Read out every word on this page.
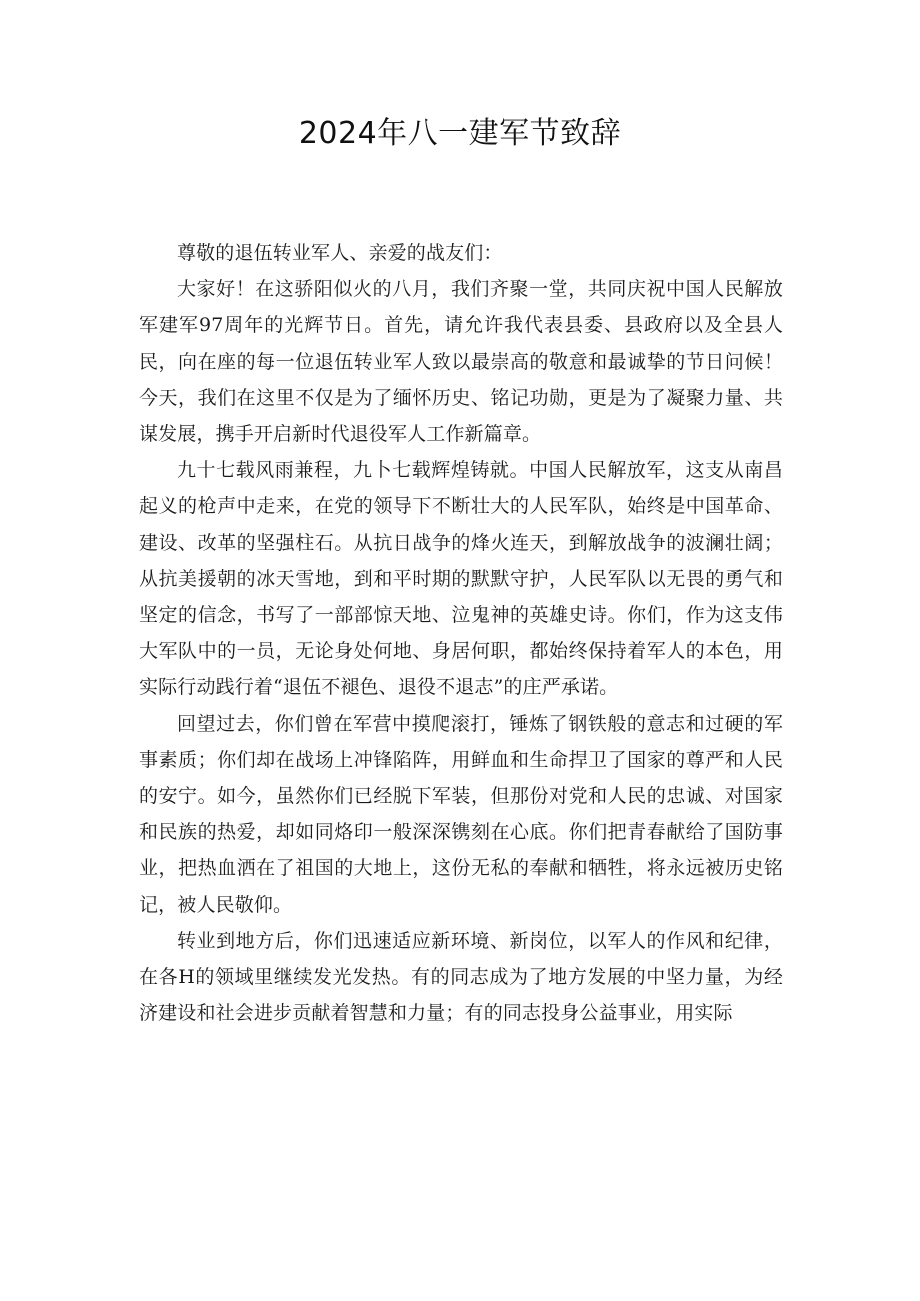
2024年八一建军节致辞

尊敬的退伍转业军人、亲爱的战友们：

大家好！在这骄阳似火的八月，我们齐聚一堂，共同庆祝中国人民解放军建军97周年的光辉节日。首先，请允许我代表县委、县政府以及全县人民，向在座的每一位退伍转业军人致以最崇高的敬意和最诚挚的节日问候！今天，我们在这里不仅是为了缅怀历史、铭记功勋，更是为了凝聚力量、共谋发展，携手开启新时代退役军人工作新篇章。

九十七载风雨兼程，九卜七载辉煌铸就。中国人民解放军，这支从南昌起义的枪声中走来，在党的领导下不断壮大的人民军队，始终是中国革命、建设、改革的坚强柱石。从抗日战争的烽火连天，到解放战争的波澜壮阔；从抗美援朝的冰天雪地，到和平时期的默默守护，人民军队以无畏的勇气和坚定的信念，书写了一部部惊天地、泣鬼神的英雄史诗。你们，作为这支伟大军队中的一员，无论身处何地、身居何职，都始终保持着军人的本色，用实际行动践行着“退伍不褪色、退役不退志”的庄严承诺。

回望过去，你们曾在军营中摸爬滚打，锤炼了钢铁般的意志和过硬的军事素质；你们却在战场上冲锋陷阵，用鲜血和生命捍卫了国家的尊严和人民的安宁。如今，虽然你们已经脱下军装，但那份对党和人民的忠诚、对国家和民族的热爱，却如同烙印一般深深镌刻在心底。你们把青春献给了国防事业，把热血洒在了祖国的大地上，这份无私的奉献和牺牲，将永远被历史铭记，被人民敬仰。

转业到地方后，你们迅速适应新环境、新岗位，以军人的作风和纪律，在各H的领域里继续发光发热。有的同志成为了地方发展的中坚力量，为经济建设和社会进步贡献着智慧和力量；有的同志投身公益事业，用实际
